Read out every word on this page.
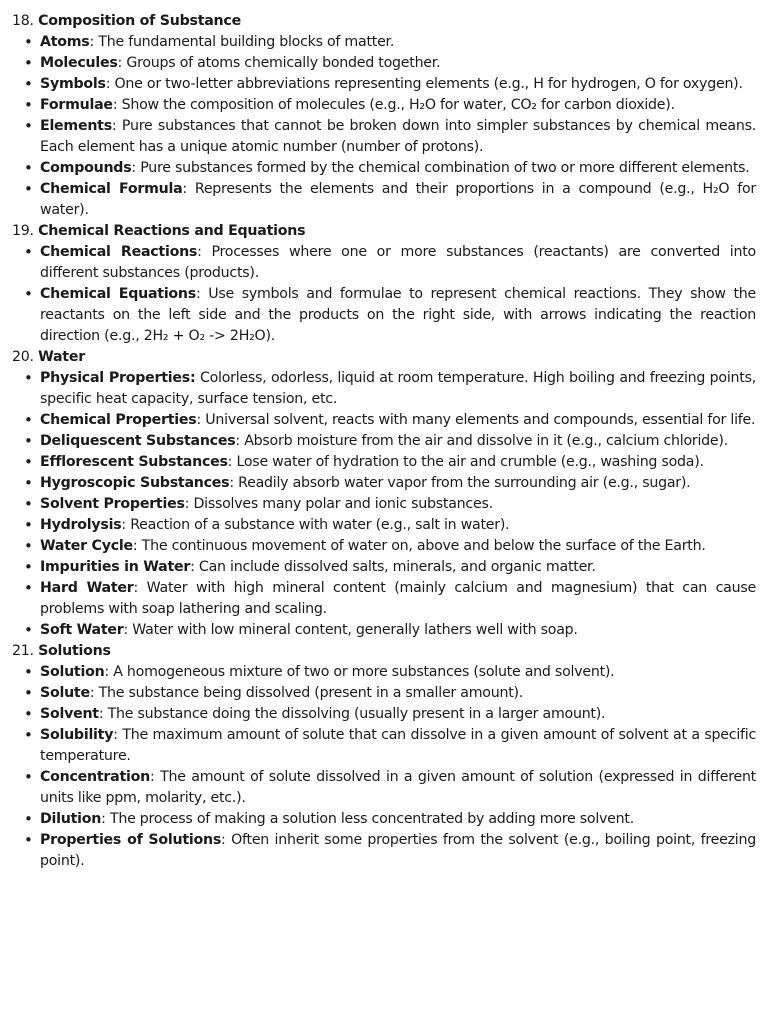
18. Composition of Substance
• Atoms: The fundamental building blocks of matter.
• Molecules: Groups of atoms chemically bonded together.
• Symbols: One or two-letter abbreviations representing elements (e.g., H for hydrogen, O for oxygen).
• Formulae: Show the composition of molecules (e.g., H₂O for water, CO₂ for carbon dioxide).
• Elements: Pure substances that cannot be broken down into simpler substances by chemical means. Each element has a unique atomic number (number of protons).
• Compounds: Pure substances formed by the chemical combination of two or more different elements.
• Chemical Formula: Represents the elements and their proportions in a compound (e.g., H₂O for water).
19. Chemical Reactions and Equations
• Chemical Reactions: Processes where one or more substances (reactants) are converted into different substances (products).
• Chemical Equations: Use symbols and formulae to represent chemical reactions. They show the reactants on the left side and the products on the right side, with arrows indicating the reaction direction (e.g., 2H₂ + O₂ -> 2H₂O).
20. Water
• Physical Properties: Colorless, odorless, liquid at room temperature. High boiling and freezing points, specific heat capacity, surface tension, etc.
• Chemical Properties: Universal solvent, reacts with many elements and compounds, essential for life.
• Deliquescent Substances: Absorb moisture from the air and dissolve in it (e.g., calcium chloride).
• Efflorescent Substances: Lose water of hydration to the air and crumble (e.g., washing soda).
• Hygroscopic Substances: Readily absorb water vapor from the surrounding air (e.g., sugar).
• Solvent Properties: Dissolves many polar and ionic substances.
• Hydrolysis: Reaction of a substance with water (e.g., salt in water).
• Water Cycle: The continuous movement of water on, above and below the surface of the Earth.
• Impurities in Water: Can include dissolved salts, minerals, and organic matter.
• Hard Water: Water with high mineral content (mainly calcium and magnesium) that can cause problems with soap lathering and scaling.
• Soft Water: Water with low mineral content, generally lathers well with soap.
21. Solutions
• Solution: A homogeneous mixture of two or more substances (solute and solvent).
• Solute: The substance being dissolved (present in a smaller amount).
• Solvent: The substance doing the dissolving (usually present in a larger amount).
• Solubility: The maximum amount of solute that can dissolve in a given amount of solvent at a specific temperature.
• Concentration: The amount of solute dissolved in a given amount of solution (expressed in different units like ppm, molarity, etc.).
• Dilution: The process of making a solution less concentrated by adding more solvent.
• Properties of Solutions: Often inherit some properties from the solvent (e.g., boiling point, freezing point).
